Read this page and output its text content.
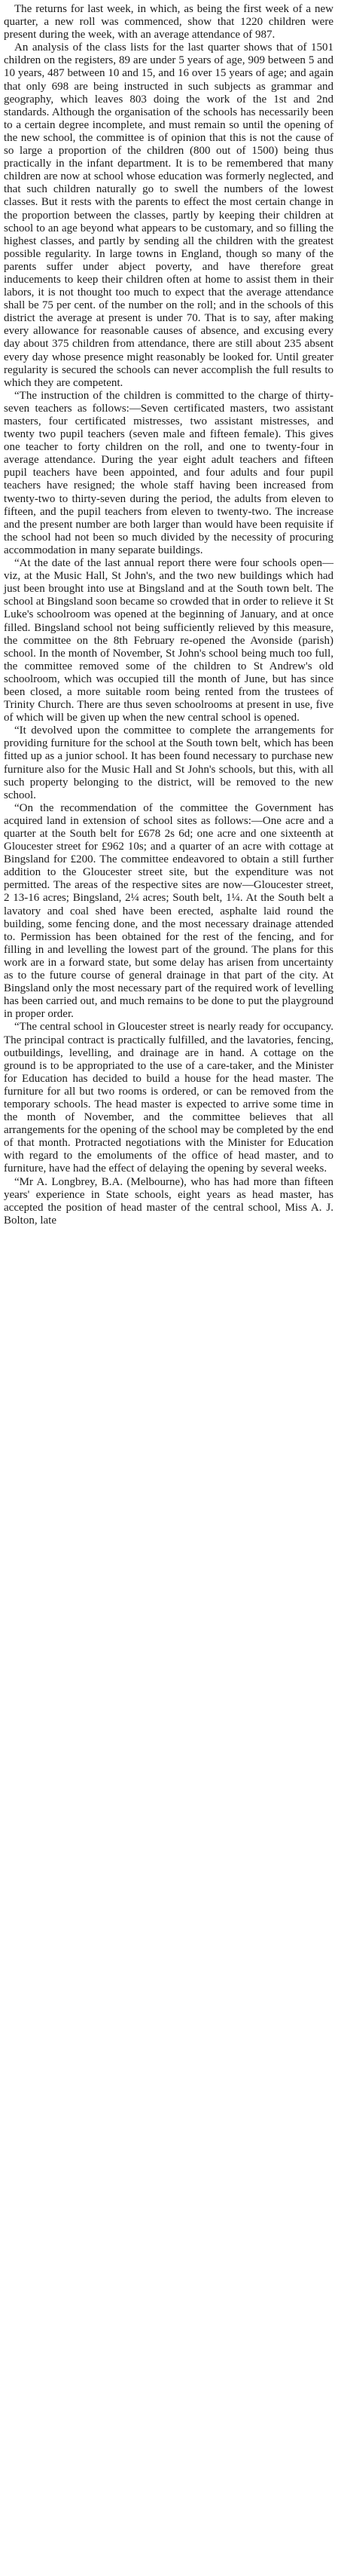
The returns for last week, in which, as being the first week of a new quarter, a new roll was commenced, show that 1220 children were present during the week, with an average attendance of 987.

An analysis of the class lists for the last quarter shows that of 1501 children on the registers, 89 are under 5 years of age, 909 between 5 and 10 years, 487 between 10 and 15, and 16 over 15 years of age; and again that only 698 are being instructed in such subjects as grammar and geography, which leaves 803 doing the work of the 1st and 2nd standards. Although the organisation of the schools has necessarily been to a certain degree incomplete, and must remain so until the opening of the new school, the committee is of opinion that this is not the cause of so large a proportion of the children (800 out of 1500) being thus practically in the infant department. It is to be remembered that many children are now at school whose education was formerly neglected, and that such children naturally go to swell the numbers of the lowest classes. But it rests with the parents to effect the most certain change in the proportion between the classes, partly by keeping their children at school to an age beyond what appears to be customary, and so filling the highest classes, and partly by sending all the children with the greatest possible regularity. In large towns in England, though so many of the parents suffer under abject poverty, and have therefore great inducements to keep their children often at home to assist them in their labors, it is not thought too much to expect that the average attendance shall be 75 per cent. of the number on the roll; and in the schools of this district the average at present is under 70. That is to say, after making every allowance for reasonable causes of absence, and excusing every day about 375 children from attendance, there are still about 235 absent every day whose presence might reasonably be looked for. Until greater regularity is secured the schools can never accomplish the full results to which they are competent.

“The instruction of the children is committed to the charge of thirty-seven teachers as follows:—Seven certificated masters, two assistant masters, four certificated mistresses, two assistant mistresses, and twenty two pupil teachers (seven male and fifteen female). This gives one teacher to forty children on the roll, and one to twenty-four in average attendance. During the year eight adult teachers and fifteen pupil teachers have been appointed, and four adults and four pupil teachers have resigned; the whole staff having been increased from twenty-two to thirty-seven during the period, the adults from eleven to fifteen, and the pupil teachers from eleven to twenty-two. The increase and the present number are both larger than would have been requisite if the school had not been so much divided by the necessity of procuring accommodation in many separate buildings.

“At the date of the last annual report there were four schools open—viz, at the Music Hall, St John's, and the two new buildings which had just been brought into use at Bingsland and at the South town belt. The school at Bingsland soon became so crowded that in order to relieve it St Luke's schoolroom was opened at the beginning of January, and at once filled. Bingsland school not being sufficiently relieved by this measure, the committee on the 8th February re-opened the Avonside (parish) school. In the month of November, St John's school being much too full, the committee removed some of the children to St Andrew's old schoolroom, which was occupied till the month of June, but has since been closed, a more suitable room being rented from the trustees of Trinity Church. There are thus seven schoolrooms at present in use, five of which will be given up when the new central school is opened.

“It devolved upon the committee to complete the arrangements for providing furniture for the school at the South town belt, which has been fitted up as a junior school. It has been found necessary to purchase new furniture also for the Music Hall and St John's schools, but this, with all such property belonging to the district, will be removed to the new school.

“On the recommendation of the committee the Government has acquired land in extension of school sites as follows:—One acre and a quarter at the South belt for £678 2s 6d; one acre and one sixteenth at Gloucester street for £962 10s; and a quarter of an acre with cottage at Bingsland for £200. The committee endeavored to obtain a still further addition to the Gloucester street site, but the expenditure was not permitted. The areas of the respective sites are now—Gloucester street, 2 13-16 acres; Bingsland, 2¼ acres; South belt, 1¼. At the South belt a lavatory and coal shed have been erected, asphalte laid round the building, some fencing done, and the most necessary drainage attended to. Permission has been obtained for the rest of the fencing, and for filling in and levelling the lowest part of the ground. The plans for this work are in a forward state, but some delay has arisen from uncertainty as to the future course of general drainage in that part of the city. At Bingsland only the most necessary part of the required work of levelling has been carried out, and much remains to be done to put the playground in proper order.

“The central school in Gloucester street is nearly ready for occupancy. The principal contract is practically fulfilled, and the lavatories, fencing, outbuildings, levelling, and drainage are in hand. A cottage on the ground is to be appropriated to the use of a care-taker, and the Minister for Education has decided to build a house for the head master. The furniture for all but two rooms is ordered, or can be removed from the temporary schools. The head master is expected to arrive some time in the month of November, and the committee believes that all arrangements for the opening of the school may be completed by the end of that month. Protracted negotiations with the Minister for Education with regard to the emoluments of the office of head master, and to furniture, have had the effect of delaying the opening by several weeks.

“Mr A. Longbrey, B.A. (Melbourne), who has had more than fifteen years' experience in State schools, eight years as head master, has accepted the position of head master of the central school, Miss A. J. Bolton, late
